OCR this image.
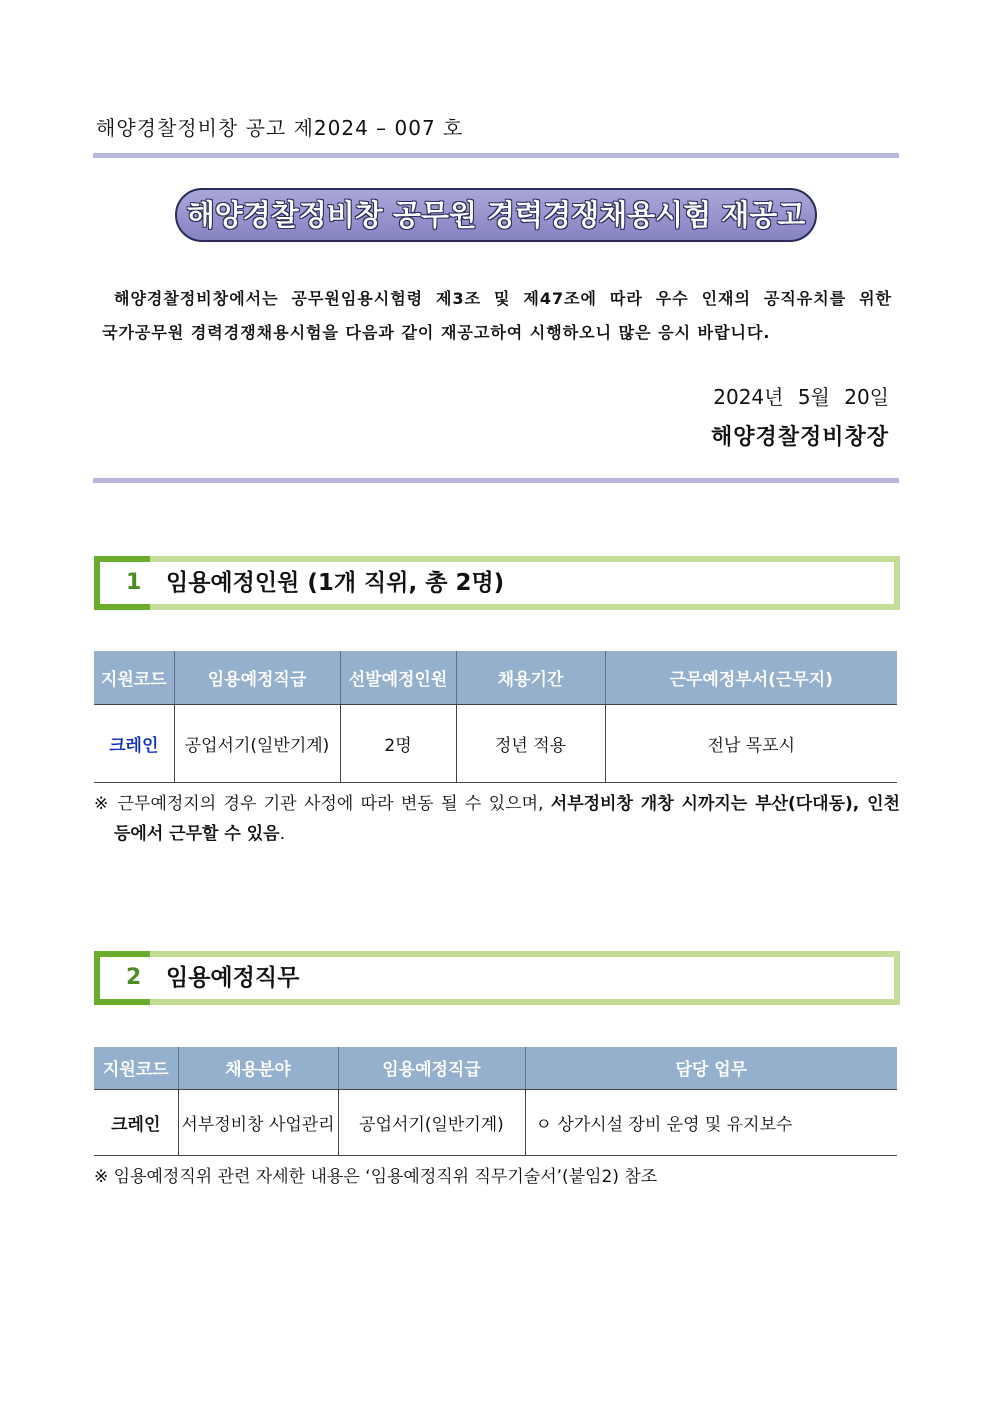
해양경찰정비창 공고 제2024 – 007 호
해양경찰정비창 공무원 경력경쟁채용시험 재공고
해양경찰정비창에서는 공무원임용시험령 제3조 및 제47조에 따라 우수 인재의 공직유치를 위한
국가공무원 경력경쟁채용시험을 다음과 같이 재공고하여 시행하오니 많은 응시 바랍니다.
2024년 5월 20일
해양경찰정비창장
1 임용예정인원 (1개 직위, 총 2명)
지원코드	임용예정직급	선발예정인원	채용기간	근무예정부서(근무지)
크레인	공업서기(일반기계)	2명	정년 적용	전남 목포시
※ 근무예정지의 경우 기관 사정에 따라 변동 될 수 있으며, 서부정비창 개창 시까지는 부산(다대동), 인천
등에서 근무할 수 있음.
2 임용예정직무
지원코드	채용분야	임용예정직급	담당 업무
크레인	서부정비창 사업관리	공업서기(일반기계)	ㅇ 상가시설 장비 운영 및 유지보수
※ 임용예정직위 관련 자세한 내용은 ‘임용예정직위 직무기술서’(붙임2) 참조
